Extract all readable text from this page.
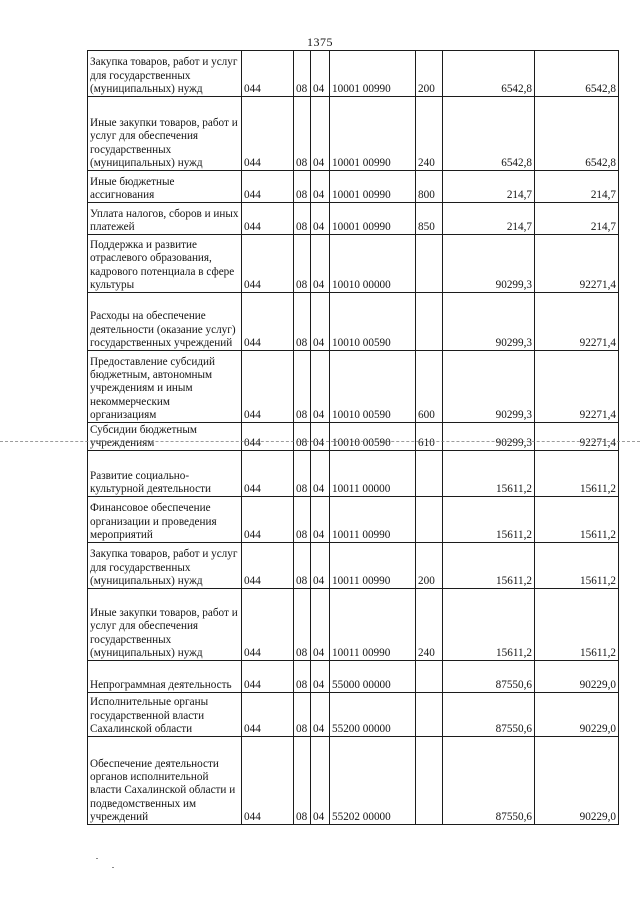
1375
Закупка товаров, работ и услуг для государственных (муниципальных) нужд	044	08	04	10001 00990	200	6542,8	6542,8
Иные закупки товаров, работ и услуг для обеспечения государственных (муниципальных) нужд	044	08	04	10001 00990	240	6542,8	6542,8
Иные бюджетные ассигнования	044	08	04	10001 00990	800	214,7	214,7
Уплата налогов, сборов и иных платежей	044	08	04	10001 00990	850	214,7	214,7
Поддержка и развитие отраслевого образования, кадрового потенциала в сфере культуры	044	08	04	10010 00000		90299,3	92271,4
Расходы на обеспечение деятельности (оказание услуг) государственных учреждений	044	08	04	10010 00590		90299,3	92271,4
Предоставление субсидий бюджетным, автономным учреждениям и иным некоммерческим организациям	044	08	04	10010 00590	600	90299,3	92271,4
Субсидии бюджетным учреждениям	044	08	04	10010 00590	610	90299,3	92271,4
Развитие социально-культурной деятельности	044	08	04	10011 00000		15611,2	15611,2
Финансовое обеспечение организации и проведения мероприятий	044	08	04	10011 00990		15611,2	15611,2
Закупка товаров, работ и услуг для государственных (муниципальных) нужд	044	08	04	10011 00990	200	15611,2	15611,2
Иные закупки товаров, работ и услуг для обеспечения государственных (муниципальных) нужд	044	08	04	10011 00990	240	15611,2	15611,2
Непрограммная деятельность	044	08	04	55000 00000		87550,6	90229,0
Исполнительные органы государственной власти Сахалинской области	044	08	04	55200 00000		87550,6	90229,0
Обеспечение деятельности органов исполнительной власти Сахалинской области и подведомственных им учреждений	044	08	04	55202 00000		87550,6	90229,0
